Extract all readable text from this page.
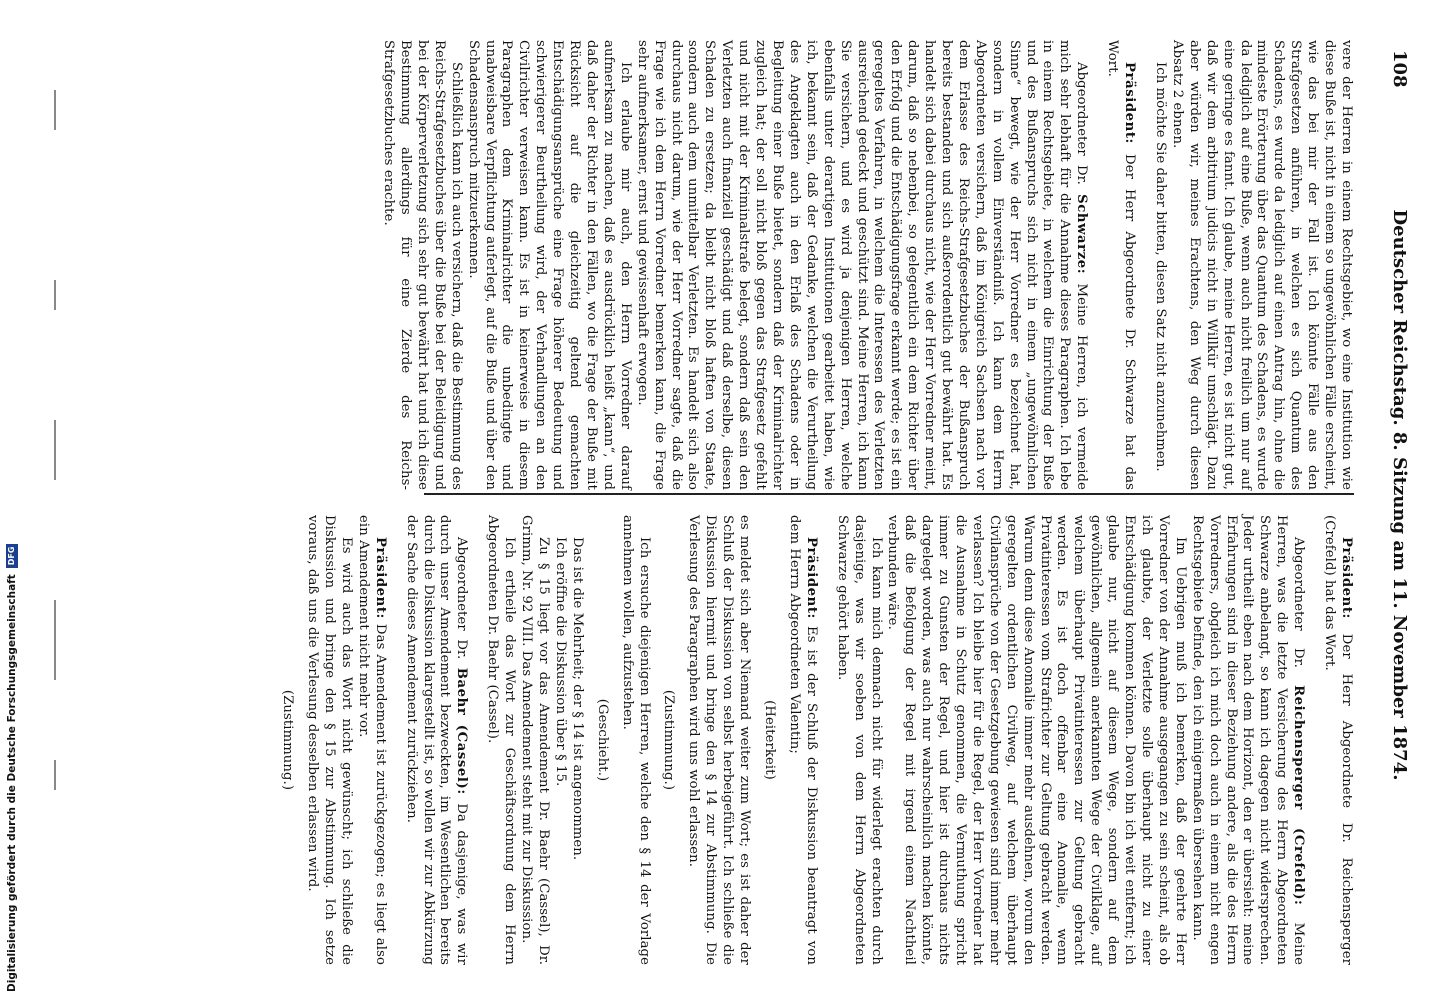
Digitalisierung gefördert durch die Deutsche ForschungsgemeinschaftDFG
108
Deutscher Reichstag. 8. Sitzung am 11. November 1874.

vere der Herren in einem Rechtsgebiet, wo eine Institution wie diese Buße ist, nicht in einem so ungewöhnlichen Fälle erscheint, wie das bei mir der Fall ist. Ich könnte Fälle aus den Strafgesetzen anführen, in welchen es sich Quantum des Schadens, es wurde da lediglich auf einen Antrag hin, ohne die mindeste Erörterung über das Quantum des Schadens, es wurde da lediglich auf eine Buße, wenn auch nicht freilich um nur auf eine geringe es fannt. Ich glaube, meine Herren, es ist nicht gut, daß wir dem arbitrium judicis nicht in Willkür umschlägt. Dazu aber würden wir, meines Erachtens, den Weg durch diesen Absatz 2 ebnen.

Ich möchte Sie daher bitten, diesen Satz nicht anzunehmen.

Präsident: Der Herr Abgeordnete Dr. Schwarze hat das Wort.

Abgeordneter Dr. Schwarze: Meine Herren, ich vermeide mich sehr lebhaft für die Annahme dieses Paragraphen. Ich lebe in einem Rechtsgebiete, in welchem die Einrichtung der Buße und des Bußanspruchs sich nicht in einem „ungewöhnlichen Sinne“ bewegt, wie der Herr Vorredner es bezeichnet hat, sondern in vollem Einverständniß. Ich kann dem Herrn Abgeordneten versichern, daß im Königreich Sachsen nach vor dem Erlasse des Reichs-Strafgesetzbuches der Bußanspruch bereits bestanden und sich außerordentlich gut bewährt hat. Es handelt sich dabei durchaus nicht, wie der Herr Vorredner meint, darum, daß so nebenbei, so gelegentlich ein dem Richter über den Erfolg und die Entschädigungsfrage erkannt werde; es ist ein geregeltes Verfahren, in welchem die Interessen des Verletzten ausreichend gedeckt und geschützt sind. Meine Herren, ich kann Sie versichern, und es wird ja denjenigen Herren, welche ebenfalls unter derartigen Institutionen gearbeitet haben, wie ich, bekannt sein, daß der Gedanke, welchen die Verurtheilung des Angeklagten auch in den Erlaß des Schadens oder in Begleitung einer Buße bietet, sondern daß der Kriminalrichter zugleich hat; der soll nicht bloß gegen das Strafgesetz gefehlt und nicht mit der Kriminalstrafe belegt, sondern daß sein den Verletzten auch finanziell geschädigt und daß derselbe, diesen Schaden zu ersetzen; da bleibt nicht bloß haften von Staate, sondern auch dem unmittelbar Verletzten. Es handelt sich also durchaus nicht darum, wie der Herr Vorredner sagte, daß die Frage wie ich dem Herrn Vorredner bemerken kann, die Frage sehr aufmerksamer, ernst und gewissenhaft erwogen.

Ich erlaube mir auch, den Herrn Vorredner darauf aufmerksam zu machen, daß es ausdrücklich heißt „kann“, und daß daher der Richter in den Fällen, wo die Frage der Buße mit Rücksicht auf die gleichzeitig geltend gemachten Entschädigungsansprüche eine Frage höherer Bedeutung und schwierigerer Beurtheilung wird, der Verhandlungen an den Civilrichter verweisen kann. Es ist in keinerweise in diesem Paragraphen dem Kriminalrichter die unbedingte und unabweisbare Verpflichtung auferlegt, auf die Buße und über den Schadensanspruch mitzuerkennen.

Schließlich kann ich auch versichern, daß die Bestimmung des Reichs-Strafgesetzbuches über die Buße bei der Beleidigung und bei der Körperverletzung sich sehr gut bewährt hat und ich diese Bestimmung allerdings für eine Zierde des Reichs-Strafgesetzbuches erachte.

Präsident: Der Herr Abgeordnete Dr. Reichensperger (Crefeld) hat das Wort.

Abgeordneter Dr. Reichensperger (Crefeld): Meine Herren, was die letzte Versicherung des Herrn Abgeordneten Schwarze anbelangt, so kann ich dagegen nicht widersprechen. Jeder urtheilt eben nach dem Horizont, den er übersieht: meine Erfahrungen sind in dieser Beziehung andere, als die des Herrn Vorredners, obgleich ich mich doch auch in einem nicht engen Rechtsgebiete befinde, den ich einigermaßen übersehen kann.

Im Uebrigen muß ich bemerken, daß der geehrte Herr Vorredner von der Annahme ausgegangen zu sein scheint, als ob ich glaubte, der Verletzte solle überhaupt nicht zu einer Entschädigung kommen können. Davon bin ich weit entfernt; ich glaube nur, nicht auf diesem Wege, sondern auf dem gewöhnlichen, allgemein anerkannten Wege der Civilklage, auf welchem überhaupt Privatinteressen zur Geltung gebracht werden. Es ist doch offenbar eine Anomalie, wenn Privatinteressen vom Strafrichter zur Geltung gebracht werden. Warum denn diese Anomalie immer mehr ausdehnen, worum den geregelten ordentlichen Civilweg, auf welchem überhaupt Civilansprüche von der Gesetzgebung gewiesen sind immer mehr verlassen? Ich bleibe hier für die Regel, der Herr Vorredner hat die Ausnahme in Schutz genommen, die Vermuthung spricht immer zu Gunsten der Regel, und hier ist durchaus nichts dargelegt worden, was auch nur wahrscheinlich machen könnte, daß die Befolgung der Regel mit irgend einem Nachtheil verbunden wäre.

Ich kann mich demnach nicht für widerlegt erachten durch dasjenige, was wir soeben von dem Herrn Abgeordneten Schwarze gehört haben.

Präsident: Es ist der Schluß der Diskussion beantragt von dem Herrn Abgeordneten Valentin;

(Heiterkeit)

es meldet sich aber Niemand weiter zum Wort; es ist daher der Schluß der Diskussion von selbst herbeigeführt. Ich schließe die Diskussion hiermit und bringe den § 14 zur Abstimmung. Die Verlesung des Paragraphen wird uns wohl erlassen.

(Zustimmung.)

Ich ersuche diejenigen Herren, welche den § 14 der Vorlage annehmen wollen, aufzustehen.

(Geschieht.)

Das ist die Mehrheit; der § 14 ist angenommen.

Ich eröffne die Diskussion über § 15.

Zu § 15 liegt vor das Amendement Dr. Baehr (Cassel), Dr. Grimm, Nr. 92 VIII. Das Amendement steht mit zur Diskussion.

Ich ertheile das Wort zur Geschäftsordnung dem Herrn Abgeordneten Dr. Baehr (Cassel).

Abgeordneter Dr. Baehr (Cassel): Da dasjenige, was wir durch unser Amendement bezweckten, im Wesentlichen bereits durch die Diskussion klargestellt ist, so wollen wir zur Abkürzung der Sache dieses Amendement zurückziehen.

Präsident: Das Amendement ist zurückgezogen; es liegt also ein Amendement nicht mehr vor.

Es wird auch das Wort nicht gewünscht; ich schließe die Diskussion und bringe den § 15 zur Abstimmung. Ich setze voraus, daß uns die Verlesung desselben erlassen wird.

(Zustimmung.)
